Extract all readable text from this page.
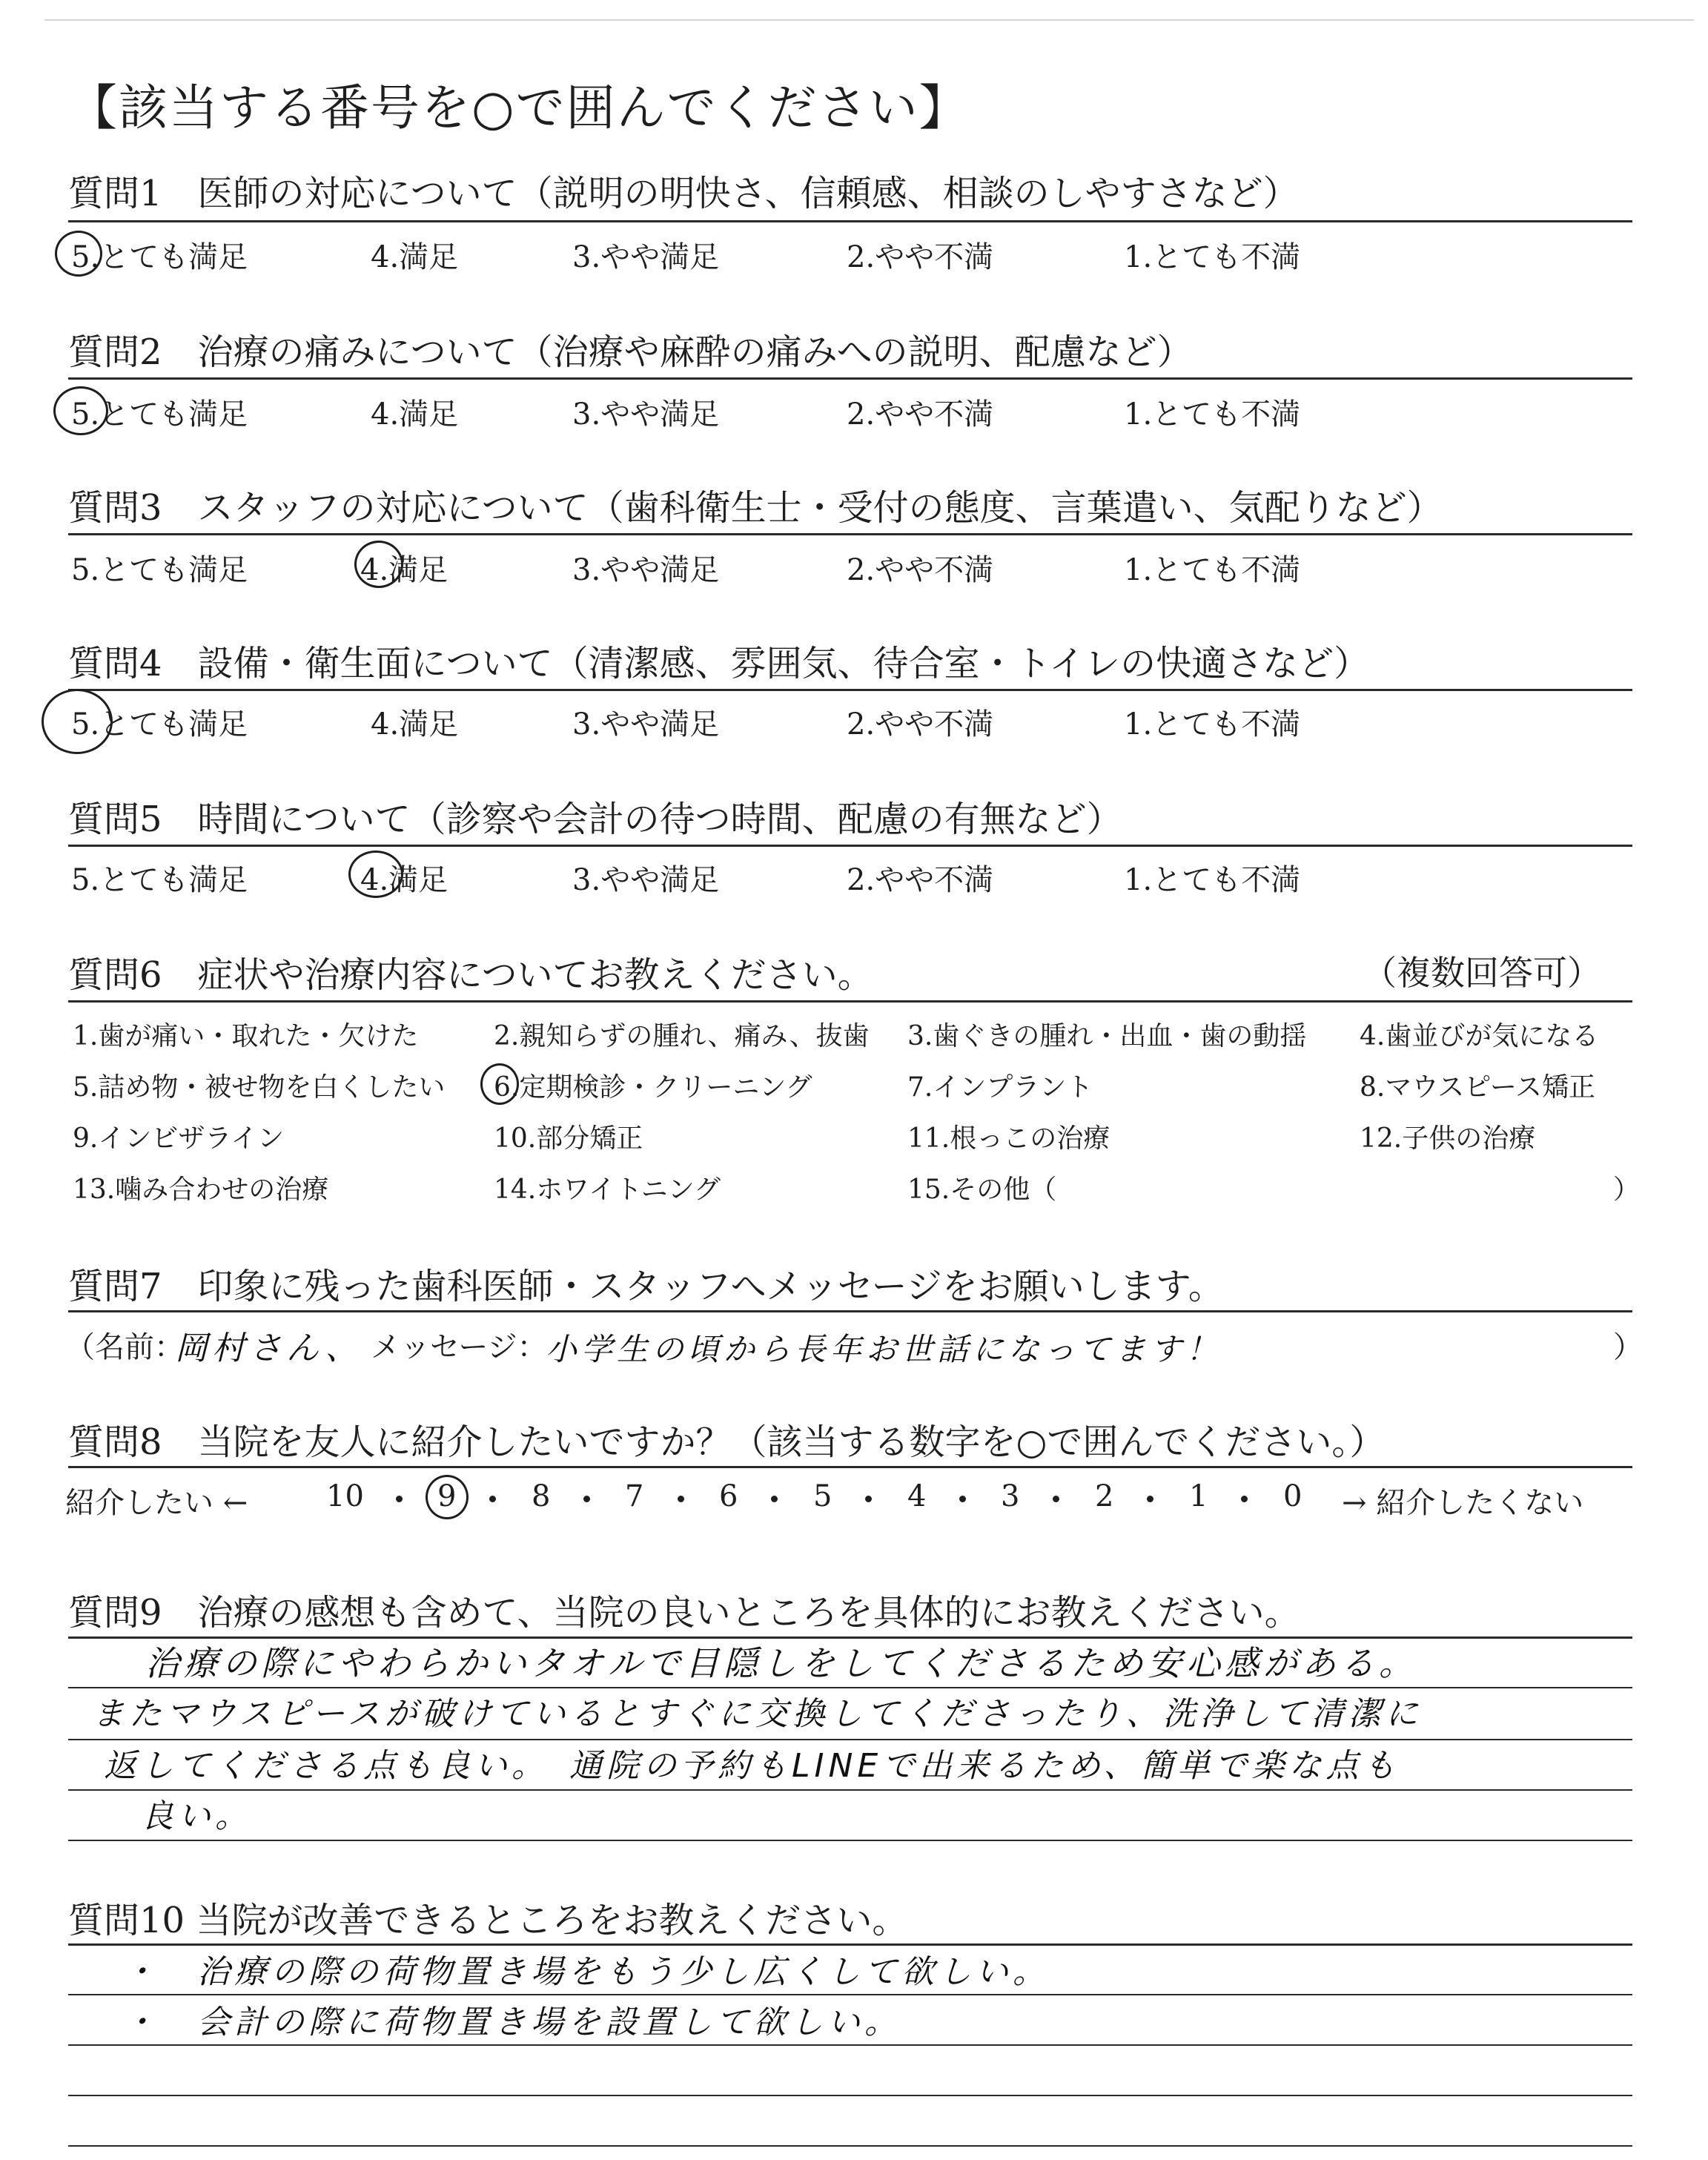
【該当する番号を○で囲んでください】
質問1　医師の対応について（説明の明快さ、信頼感、相談のしやすさなど）
5.とても満足	4.満足	3.やや満足	2.やや不満	1.とても不満
質問2　治療の痛みについて（治療や麻酔の痛みへの説明、配慮など）
5.とても満足	4.満足	3.やや満足	2.やや不満	1.とても不満
質問3　スタッフの対応について（歯科衛生士・受付の態度、言葉遣い、気配りなど）
5.とても満足	4.満足	3.やや満足	2.やや不満	1.とても不満
質問4　設備・衛生面について（清潔感、雰囲気、待合室・トイレの快適さなど）
5.とても満足	4.満足	3.やや満足	2.やや不満	1.とても不満
質問5　時間について（診察や会計の待つ時間、配慮の有無など）
5.とても満足	4.満足	3.やや満足	2.やや不満	1.とても不満
質問6　症状や治療内容についてお教えください。	（複数回答可）
1.歯が痛い・取れた・欠けた	2.親知らずの腫れ、痛み、抜歯 3.歯ぐきの腫れ・出血・歯の動揺 4.歯並びが気になる
5.詰め物・被せ物を白くしたい 6.定期検診・クリーニング	7.インプラント	8.マウスピース矯正
9.インビザライン	10.部分矯正	11.根っこの治療	12.子供の治療
13.噛み合わせの治療	14.ホワイトニング	15.その他（	）
質問7　印象に残った歯科医師・スタッフへメッセージをお願いします。
（名前：
岡村さん、 メッセージ：
小学生の頃から長年お世話になってます！	）
質問8　当院を友人に紹介したいですか？（該当する数字を○で囲んでください。）
紹介したい ←	10 9	8	7	6	5	4	3	2	1	0 → 紹介したくない
質問9　治療の感想も含めて、当院の良いところを具体的にお教えください。
治療の際にやわらかいタオルで目隠しをしてくださるため安心感がある。
またマウスピースが破けているとすぐに交換してくださったり、洗浄して清潔に
返してくださる点も良い。　通院の予約もLINEで出来るため、簡単で楽な点も
良い。
質問10 当院が改善できるところをお教えください。
・　治療の際の荷物置き場をもう少し広くして欲しい。
・　会計の際に荷物置き場を設置して欲しい。
